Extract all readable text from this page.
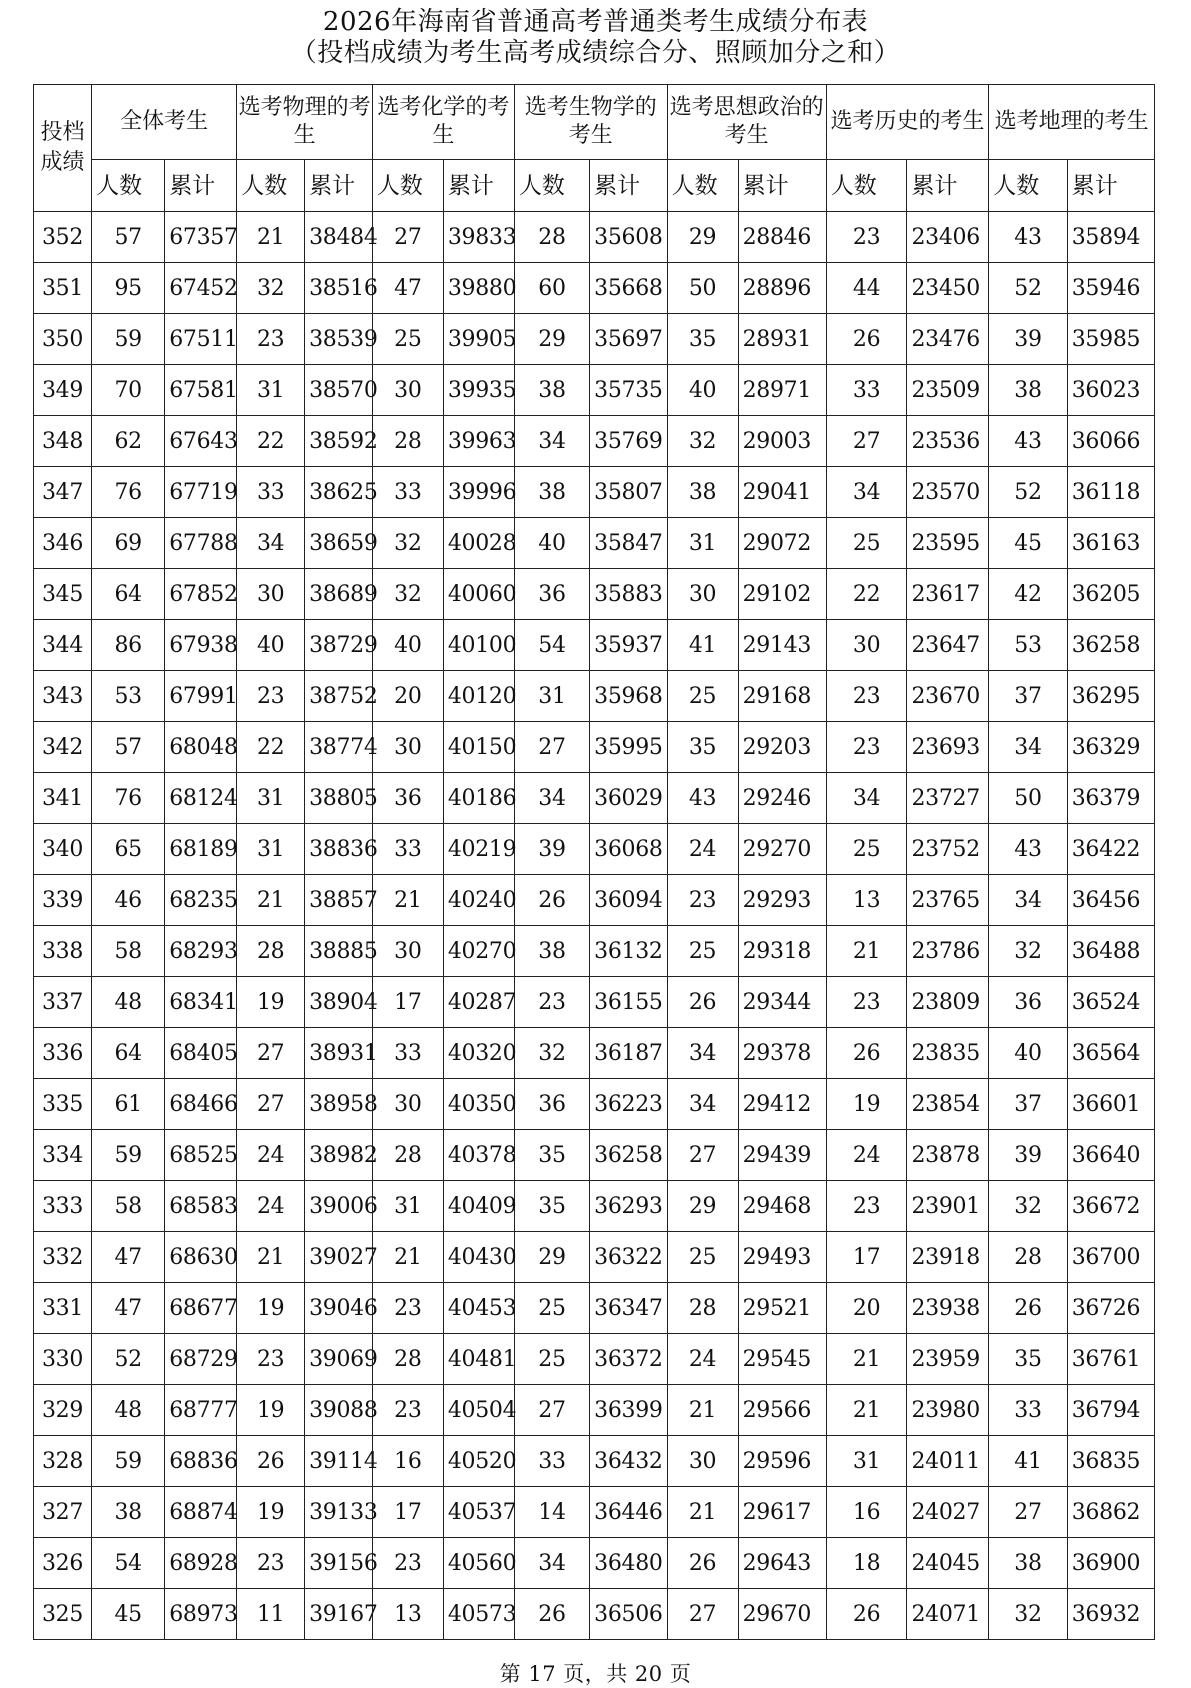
2026年海南省普通高考普通类考生成绩分布表
（投档成绩为考生高考成绩综合分、照顾加分之和）
投档成绩	全体考生		选考物理的考生		选考化学的考生		选考生物学的考生		选考思想政治的考生		选考历史的考生		选考地理的考生	
	人数	累计	人数	累计	人数	累计	人数	累计	人数	累计	人数	累计	人数	累计
352	57	67357	21	38484	27	39833	28	35608	29	28846	23	23406	43	35894
351	95	67452	32	38516	47	39880	60	35668	50	28896	44	23450	52	35946
350	59	67511	23	38539	25	39905	29	35697	35	28931	26	23476	39	35985
349	70	67581	31	38570	30	39935	38	35735	40	28971	33	23509	38	36023
348	62	67643	22	38592	28	39963	34	35769	32	29003	27	23536	43	36066
347	76	67719	33	38625	33	39996	38	35807	38	29041	34	23570	52	36118
346	69	67788	34	38659	32	40028	40	35847	31	29072	25	23595	45	36163
345	64	67852	30	38689	32	40060	36	35883	30	29102	22	23617	42	36205
344	86	67938	40	38729	40	40100	54	35937	41	29143	30	23647	53	36258
343	53	67991	23	38752	20	40120	31	35968	25	29168	23	23670	37	36295
342	57	68048	22	38774	30	40150	27	35995	35	29203	23	23693	34	36329
341	76	68124	31	38805	36	40186	34	36029	43	29246	34	23727	50	36379
340	65	68189	31	38836	33	40219	39	36068	24	29270	25	23752	43	36422
339	46	68235	21	38857	21	40240	26	36094	23	29293	13	23765	34	36456
338	58	68293	28	38885	30	40270	38	36132	25	29318	21	23786	32	36488
337	48	68341	19	38904	17	40287	23	36155	26	29344	23	23809	36	36524
336	64	68405	27	38931	33	40320	32	36187	34	29378	26	23835	40	36564
335	61	68466	27	38958	30	40350	36	36223	34	29412	19	23854	37	36601
334	59	68525	24	38982	28	40378	35	36258	27	29439	24	23878	39	36640
333	58	68583	24	39006	31	40409	35	36293	29	29468	23	23901	32	36672
332	47	68630	21	39027	21	40430	29	36322	25	29493	17	23918	28	36700
331	47	68677	19	39046	23	40453	25	36347	28	29521	20	23938	26	36726
330	52	68729	23	39069	28	40481	25	36372	24	29545	21	23959	35	36761
329	48	68777	19	39088	23	40504	27	36399	21	29566	21	23980	33	36794
328	59	68836	26	39114	16	40520	33	36432	30	29596	31	24011	41	36835
327	38	68874	19	39133	17	40537	14	36446	21	29617	16	24027	27	36862
326	54	68928	23	39156	23	40560	34	36480	26	29643	18	24045	38	36900
325	45	68973	11	39167	13	40573	26	36506	27	29670	26	24071	32	36932
第 17 页，共 20 页
